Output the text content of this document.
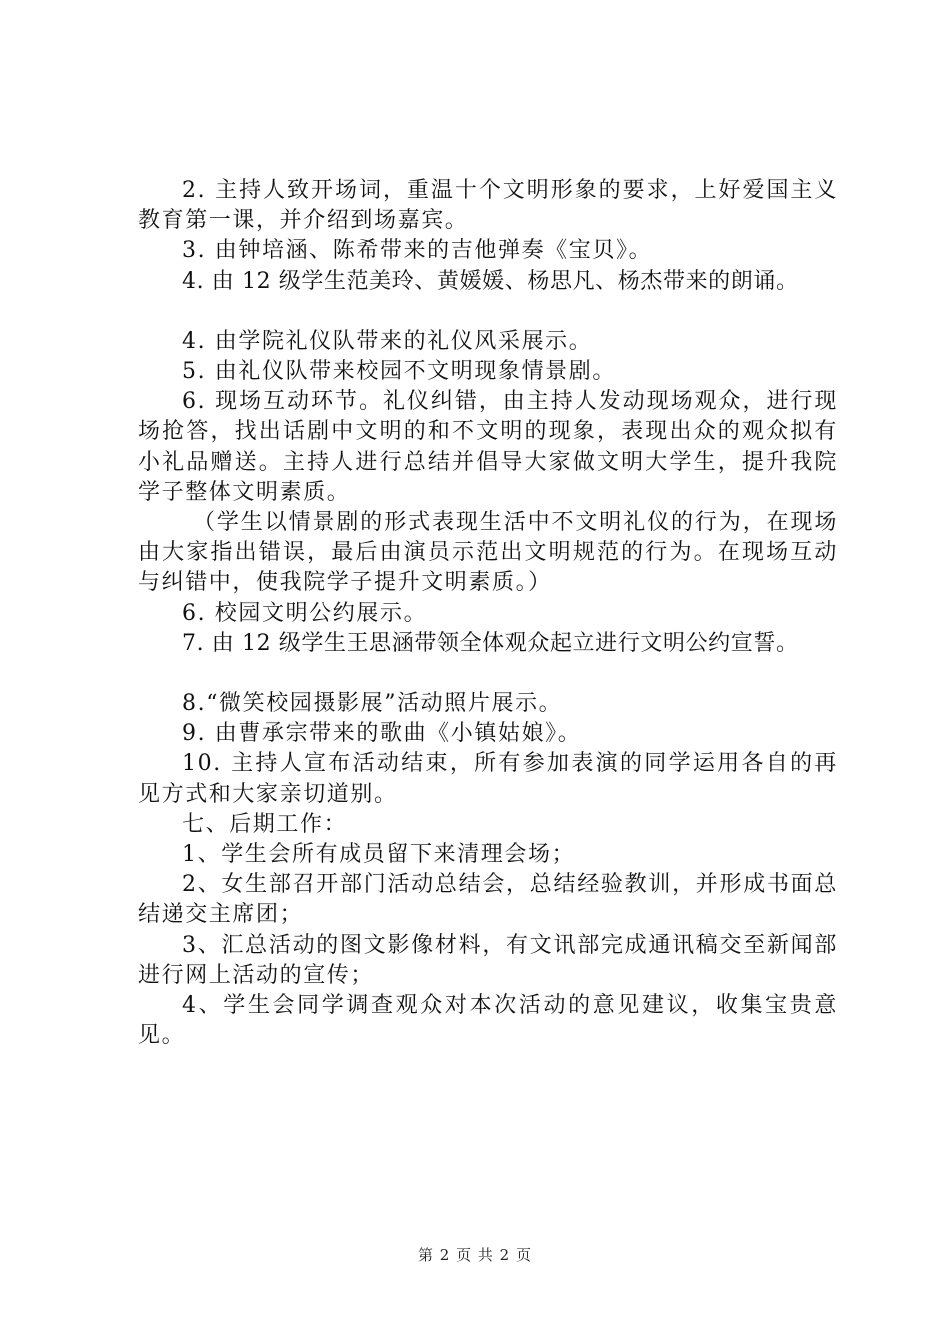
2. 主持人致开场词，重温十个文明形象的要求，上好爱国主义教育第一课，并介绍到场嘉宾。

3. 由钟培涵、陈希带来的吉他弹奏《宝贝》。

4. 由 12 级学生范美玲、黄媛媛、杨思凡、杨杰带来的朗诵。

4. 由学院礼仪队带来的礼仪风采展示。

5. 由礼仪队带来校园不文明现象情景剧。

6. 现场互动环节。礼仪纠错，由主持人发动现场观众，进行现场抢答，找出话剧中文明的和不文明的现象，表现出众的观众拟有小礼品赠送。主持人进行总结并倡导大家做文明大学生，提升我院学子整体文明素质。

（学生以情景剧的形式表现生活中不文明礼仪的行为，在现场由大家指出错误，最后由演员示范出文明规范的行为。在现场互动与纠错中，使我院学子提升文明素质。）

6. 校园文明公约展示。

7. 由 12 级学生王思涵带领全体观众起立进行文明公约宣誓。

8.“微笑校园摄影展”活动照片展示。

9. 由曹承宗带来的歌曲《小镇姑娘》。

10. 主持人宣布活动结束，所有参加表演的同学运用各自的再见方式和大家亲切道别。

七、后期工作：

1、学生会所有成员留下来清理会场；

2、女生部召开部门活动总结会，总结经验教训，并形成书面总结递交主席团；

3、汇总活动的图文影像材料，有文讯部完成通讯稿交至新闻部进行网上活动的宣传；

4、学生会同学调查观众对本次活动的意见建议，收集宝贵意见。

第 2 页 共 2 页
